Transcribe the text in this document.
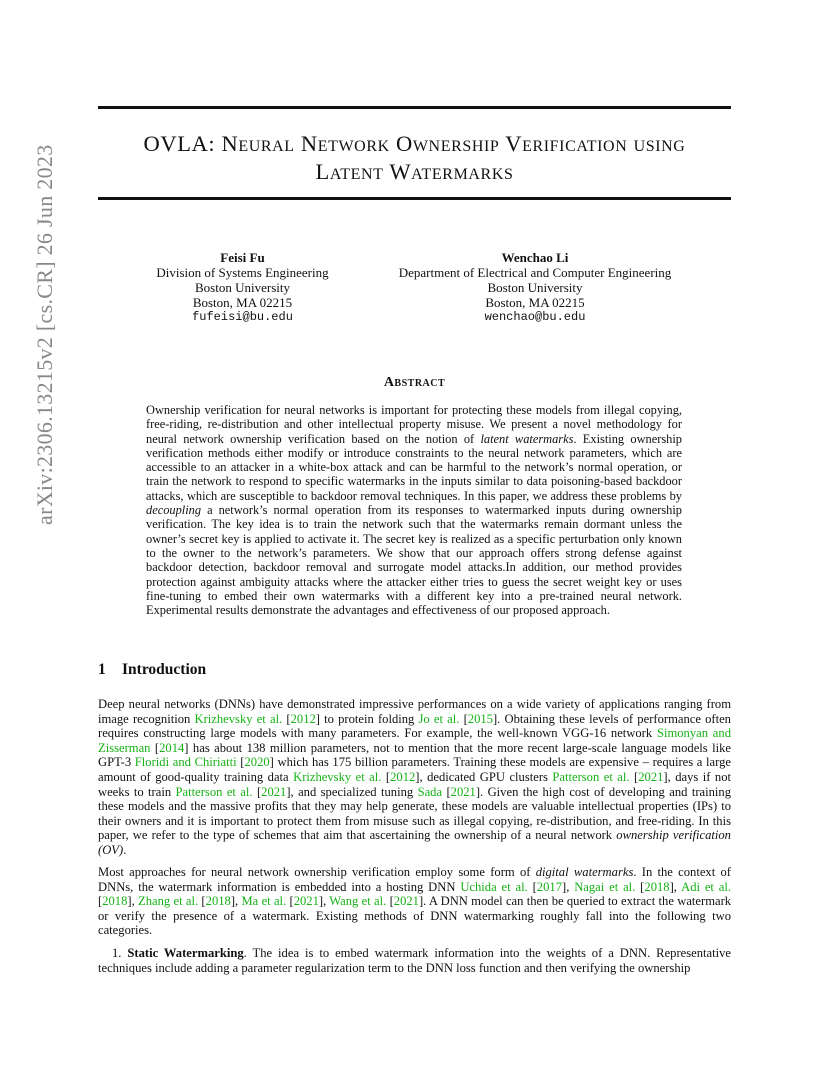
arXiv:2306.13215v2 [cs.CR] 26 Jun 2023
OVLA: Neural Network Ownership Verification using
Latent Watermarks
Feisi Fu
Division of Systems Engineering
Boston University
Boston, MA 02215
fufeisi@bu.edu
Wenchao Li
Department of Electrical and Computer Engineering
Boston University
Boston, MA 02215
wenchao@bu.edu
Abstract
Ownership verification for neural networks is important for protecting these models from illegal copying, free-riding, re-distribution and other intellectual property misuse. We present a novel methodology for neural network ownership verification based on the notion of latent watermarks. Existing ownership verification methods either modify or introduce constraints to the neural network parameters, which are accessible to an attacker in a white-box attack and can be harmful to the network’s normal operation, or train the network to respond to specific watermarks in the inputs similar to data poisoning-based backdoor attacks, which are susceptible to backdoor removal techniques. In this paper, we address these problems by decoupling a network’s normal operation from its responses to watermarked inputs during ownership verification. The key idea is to train the network such that the watermarks remain dormant unless the owner’s secret key is applied to activate it. The secret key is realized as a specific perturbation only known to the owner to the network’s parameters. We show that our approach offers strong defense against backdoor detection, backdoor removal and surrogate model attacks.In addition, our method provides protection against ambiguity attacks where the attacker either tries to guess the secret weight key or uses fine-tuning to embed their own watermarks with a different key into a pre-trained neural network. Experimental results demonstrate the advantages and effectiveness of our proposed approach.
1 Introduction
Deep neural networks (DNNs) have demonstrated impressive performances on a wide variety of applications ranging from image recognition Krizhevsky et al. [2012] to protein folding Jo et al. [2015]. Obtaining these levels of performance often requires constructing large models with many parameters. For example, the well-known VGG-16 network Simonyan and Zisserman [2014] has about 138 million parameters, not to mention that the more recent large-scale language models like GPT-3 Floridi and Chiriatti [2020] which has 175 billion parameters. Training these models are expensive – requires a large amount of good-quality training data Krizhevsky et al. [2012], dedicated GPU clusters Patterson et al. [2021], days if not weeks to train Patterson et al. [2021], and specialized tuning Sada [2021]. Given the high cost of developing and training these models and the massive profits that they may help generate, these models are valuable intellectual properties (IPs) to their owners and it is important to protect them from misuse such as illegal copying, re-distribution, and free-riding. In this paper, we refer to the type of schemes that aim that ascertaining the ownership of a neural network ownership verification (OV).
Most approaches for neural network ownership verification employ some form of digital watermarks. In the context of DNNs, the watermark information is embedded into a hosting DNN Uchida et al. [2017], Nagai et al. [2018], Adi et al. [2018], Zhang et al. [2018], Ma et al. [2021], Wang et al. [2021]. A DNN model can then be queried to extract the watermark or verify the presence of a watermark. Existing methods of DNN watermarking roughly fall into the following two categories.
1. Static Watermarking. The idea is to embed watermark information into the weights of a DNN. Representative techniques include adding a parameter regularization term to the DNN loss function and then verifying the ownership
